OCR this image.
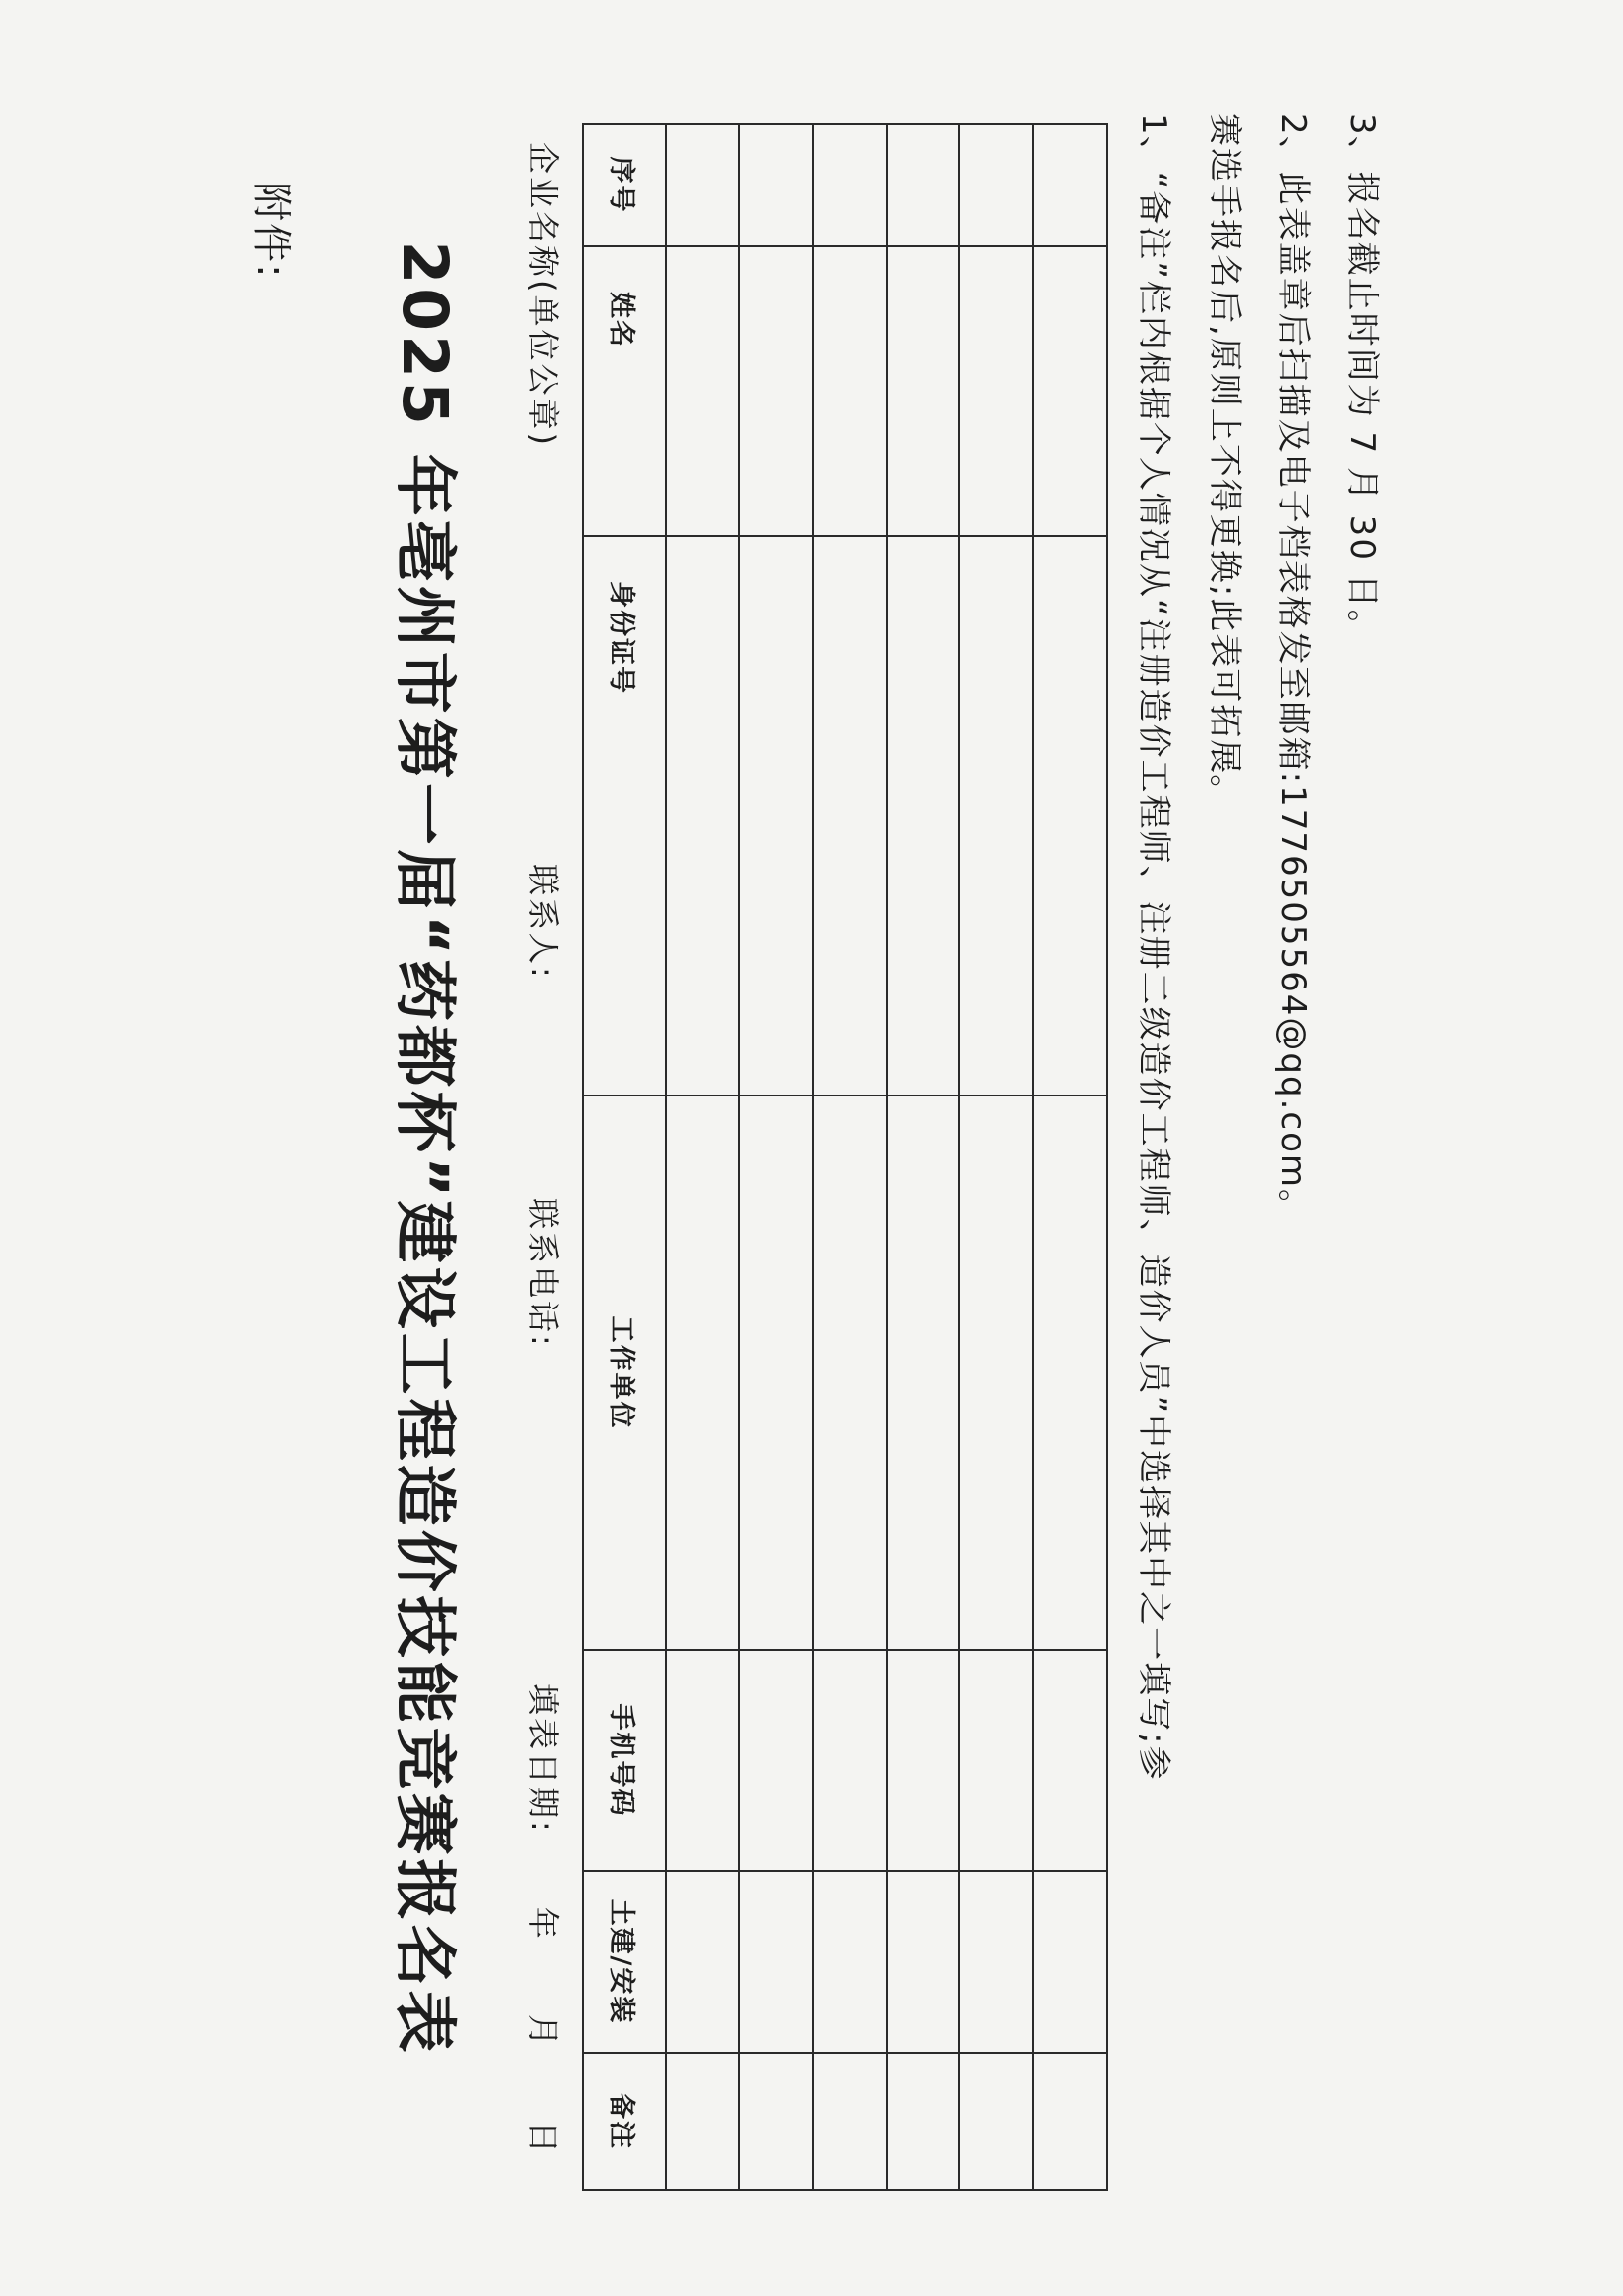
附件:
2025 年亳州市第一届“药都杯”建设工程造价技能竞赛报名表
企业名称(单位公章)
联系人:
联系电话:
填表日期:年月日

序号	姓名	身份证号	工作单位	手机号码	土建/安装	备注
1、“备注”栏内根据个人情况从“注册造价工程师、注册二级造价工程师、造价人员”中选择其中之一填写;参 赛选手报名后,原则上不得更换;此表可拓展。 2、此表盖章后扫描及电子档表格发至邮箱:1776505564@qq.com。 3、报名截止时间为 7 月 30 日。
